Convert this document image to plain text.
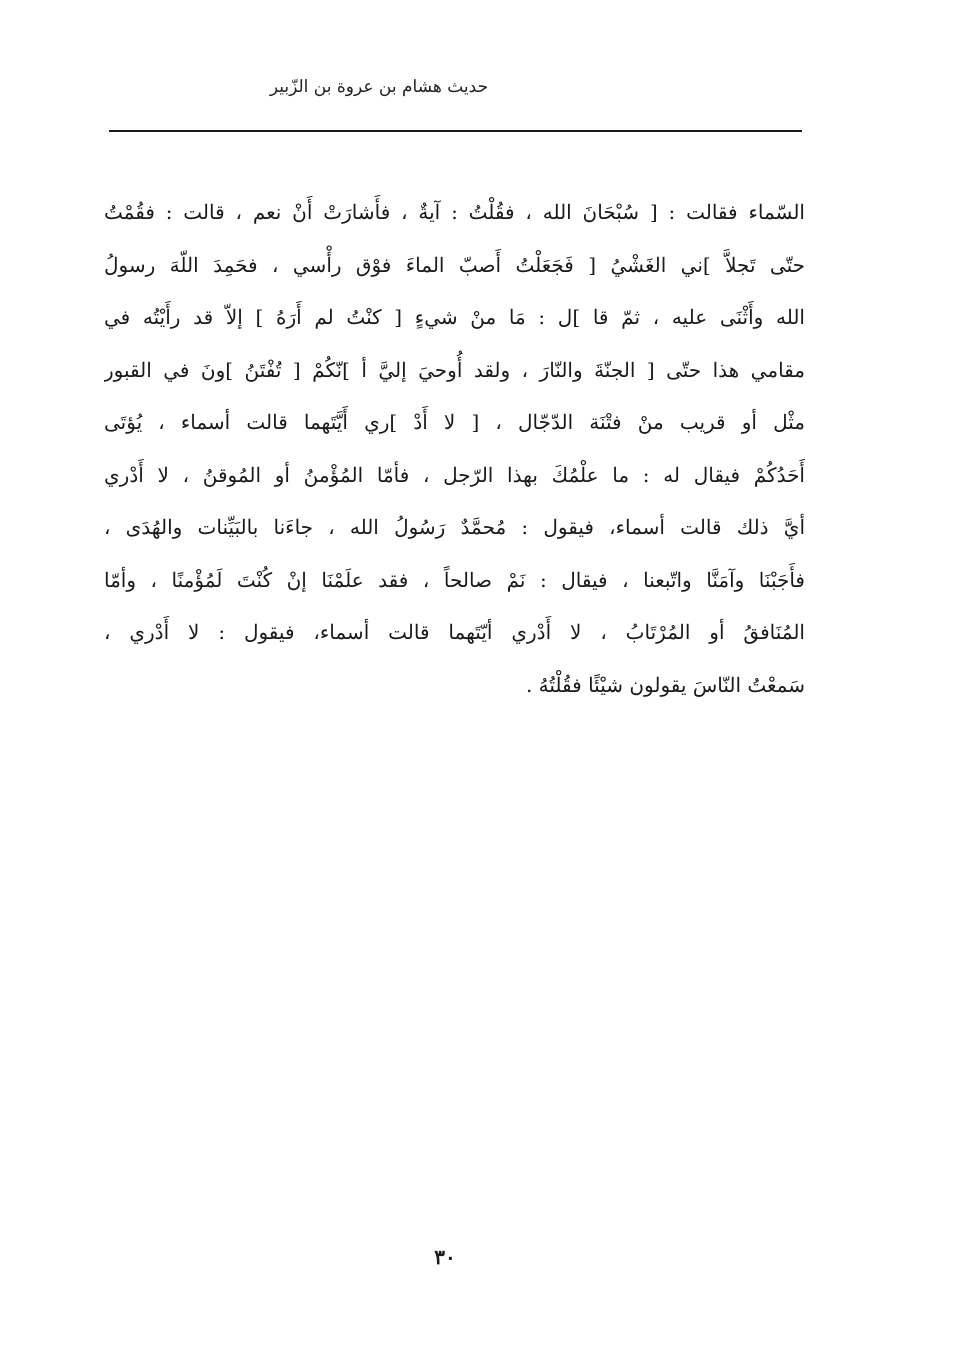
حديث هشام بن عروة بن الزّبير
السّماء فقالت : [ سُبْحَانَ الله ، فقُلْتُ : آيةٌ ، فأَشارَتْ أَنْ نعم ، قالت : فقُمْتُ
حتّى تَجلاَّ ]ني الغَشْيُ [ فَجَعَلْتُ أَصبّ الماءَ فوْق رأْسي ، فحَمِدَ اللّهَ رسولُ
الله وأَثْنَى عليه ، ثمّ قا ]ل : مَا منْ شيءٍ [ كنْتُ لم أَرَهُ ] إلاّ قد رأَيْتُه في
مقامي هذا حتّى [ الجنّةَ والنّارَ ، ولقد أُوحيَ إليَّ أ ]نّكُمْ [ تُفْتَنُ ]ونَ في القبور
مثْل أو قريب منْ فتْنَة الدّجّال ، [ لا أَدْ ]ري أَيَّتَهما قالت أسماء ، يُؤتَى
أَحَدُكُمْ فيقال له : ما علْمُكَ بهذا الرّجل ، فأمّا المُؤْمنُ أو المُوقنُ ، لا أَدْري
أيَّ ذلك قالت أسماء، فيقول : مُحمَّدٌ رَسُولُ الله ، جاءَنا بالبَيِّنات والهُدَى ،
فأَجَبْنَا وآمَنَّا واتّبعنا ، فيقال : نَمْ صالحاً ، فقد علَمْنَا إنْ كُنْتَ لَمُؤْمنًا ، وأمّا
المُنَافقُ أو المُرْتَابُ ، لا أَدْري أيّتَهما قالت أسماء، فيقول : لا أَدْري ،
سَمعْتُ النّاسَ يقولون شيْئًا فقُلْتُهُ .
٣٠
